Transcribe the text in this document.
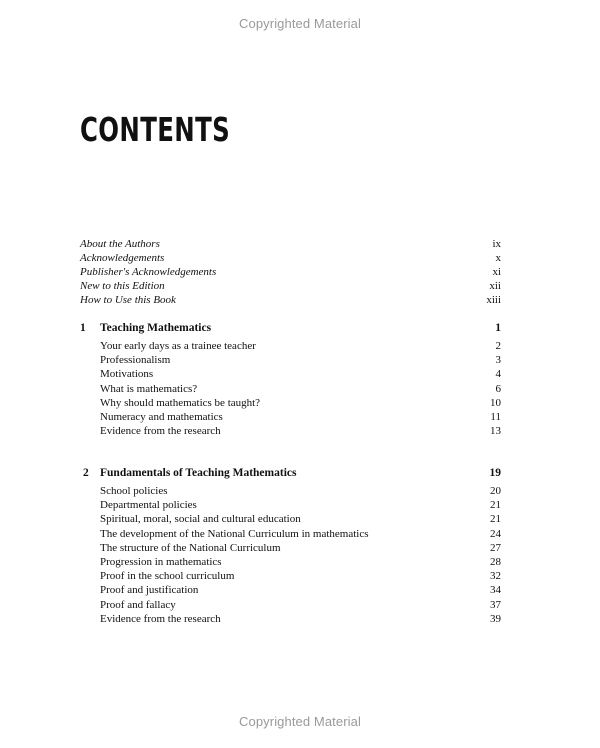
Copyrighted Material
CONTENTS
About the Authors	ix
Acknowledgements	x
Publisher's Acknowledgements	xi
New to this Edition	xii
How to Use this Book	xiii
1 Teaching Mathematics	1
Your early days as a trainee teacher	2
Professionalism	3
Motivations	4
What is mathematics?	6
Why should mathematics be taught?	10
Numeracy and mathematics	11
Evidence from the research	13
2 Fundamentals of Teaching Mathematics	19
School policies	20
Departmental policies	21
Spiritual, moral, social and cultural education	21
The development of the National Curriculum in mathematics	24
The structure of the National Curriculum	27
Progression in mathematics	28
Proof in the school curriculum	32
Proof and justification	34
Proof and fallacy	37
Evidence from the research	39
Copyrighted Material
